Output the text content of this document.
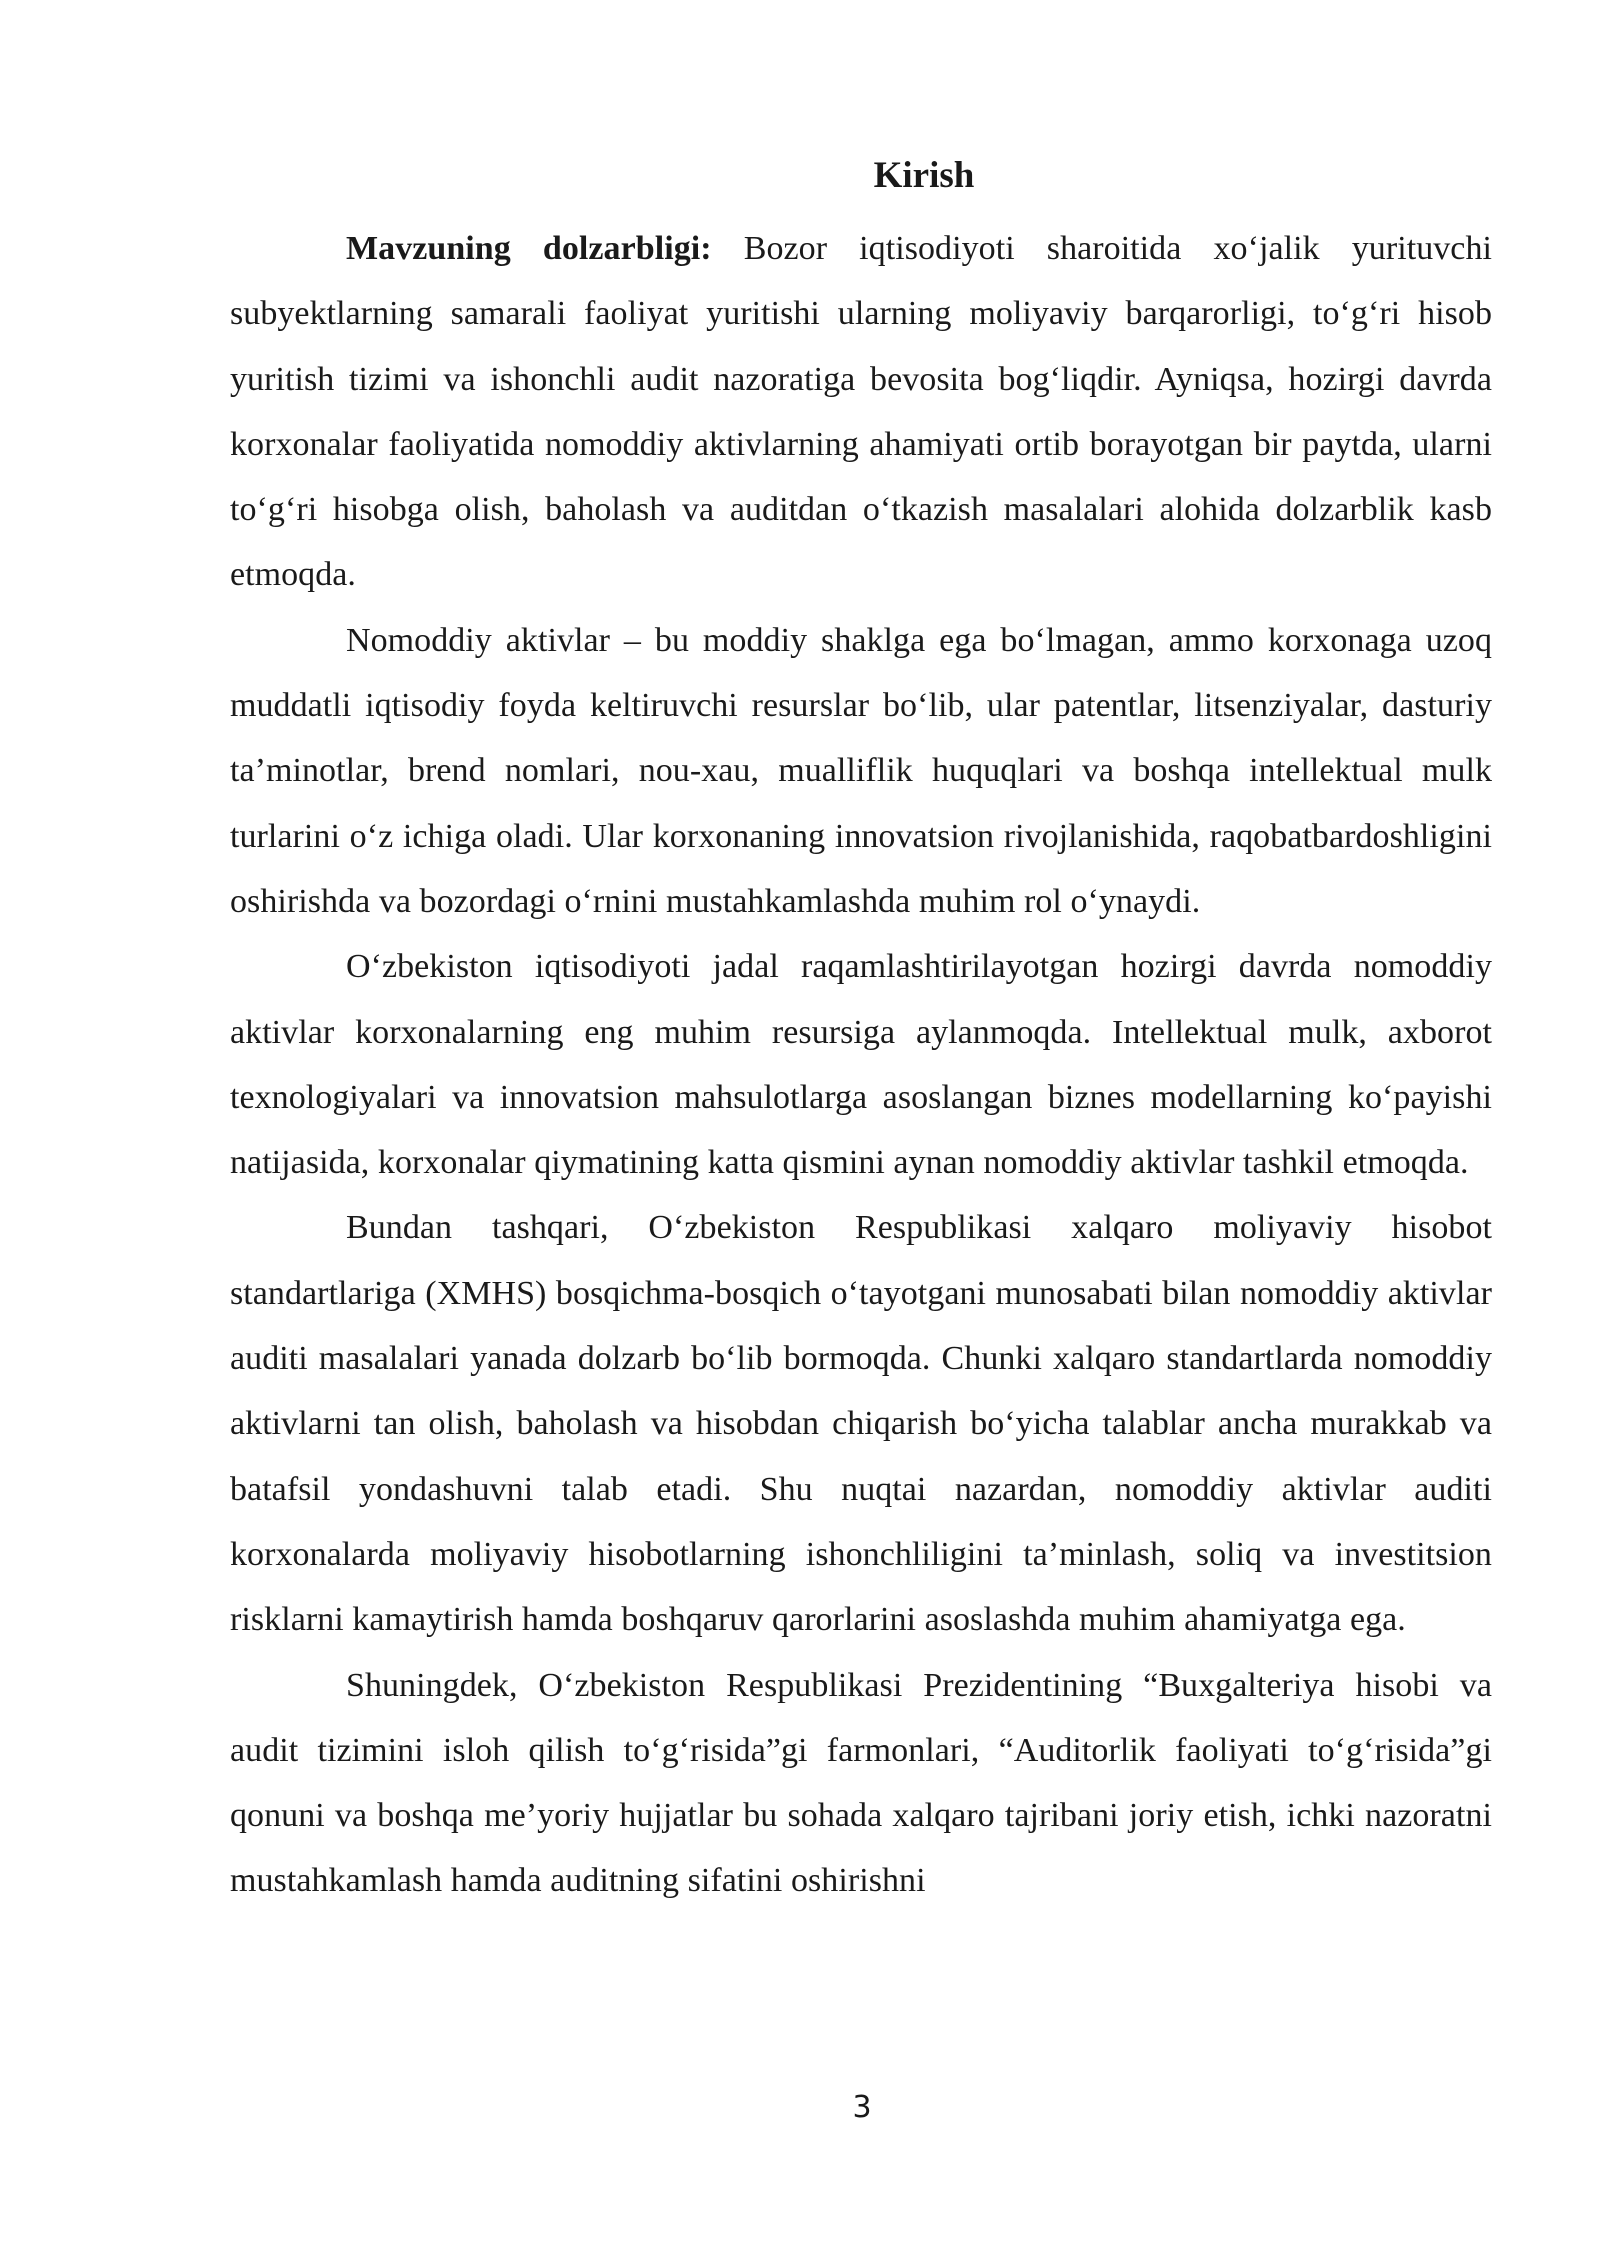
Kirish

Mavzuning dolzarbligi: Bozor iqtisodiyoti sharoitida xo‘jalik yurituvchi subyektlarning samarali faoliyat yuritishi ularning moliyaviy barqarorligi, to‘g‘ri hisob yuritish tizimi va ishonchli audit nazoratiga bevosita bog‘liqdir. Ayniqsa, hozirgi davrda korxonalar faoliyatida nomoddiy aktivlarning ahamiyati ortib borayotgan bir paytda, ularni to‘g‘ri hisobga olish, baholash va auditdan o‘tkazish masalalari alohida dolzarblik kasb etmoqda.

Nomoddiy aktivlar – bu moddiy shaklga ega bo‘lmagan, ammo korxonaga uzoq muddatli iqtisodiy foyda keltiruvchi resurslar bo‘lib, ular patentlar, litsenziyalar, dasturiy ta’minotlar, brend nomlari, nou-xau, mualliflik huquqlari va boshqa intellektual mulk turlarini o‘z ichiga oladi. Ular korxonaning innovatsion rivojlanishida, raqobatbardoshligini oshirishda va bozordagi o‘rnini mustahkamlashda muhim rol o‘ynaydi.

O‘zbekiston iqtisodiyoti jadal raqamlashtirilayotgan hozirgi davrda nomoddiy aktivlar korxonalarning eng muhim resursiga aylanmoqda. Intellektual mulk, axborot texnologiyalari va innovatsion mahsulotlarga asoslangan biznes modellarning ko‘payishi natijasida, korxonalar qiymatining katta qismini aynan nomoddiy aktivlar tashkil etmoqda.

Bundan tashqari, O‘zbekiston Respublikasi xalqaro moliyaviy hisobot standartlariga (XMHS) bosqichma-bosqich o‘tayotgani munosabati bilan nomoddiy aktivlar auditi masalalari yanada dolzarb bo‘lib bormoqda. Chunki xalqaro standartlarda nomoddiy aktivlarni tan olish, baholash va hisobdan chiqarish bo‘yicha talablar ancha murakkab va batafsil yondashuvni talab etadi. Shu nuqtai nazardan, nomoddiy aktivlar auditi korxonalarda moliyaviy hisobotlarning ishonchliligini ta’minlash, soliq va investitsion risklarni kamaytirish hamda boshqaruv qarorlarini asoslashda muhim ahamiyatga ega.

Shuningdek, O‘zbekiston Respublikasi Prezidentining “Buxgalteriya hisobi va audit tizimini isloh qilish to‘g‘risida”gi farmonlari, “Auditorlik faoliyati to‘g‘risida”gi qonuni va boshqa me’yoriy hujjatlar bu sohada xalqaro tajribani joriy etish, ichki nazoratni mustahkamlash hamda auditning sifatini oshirishni

3
